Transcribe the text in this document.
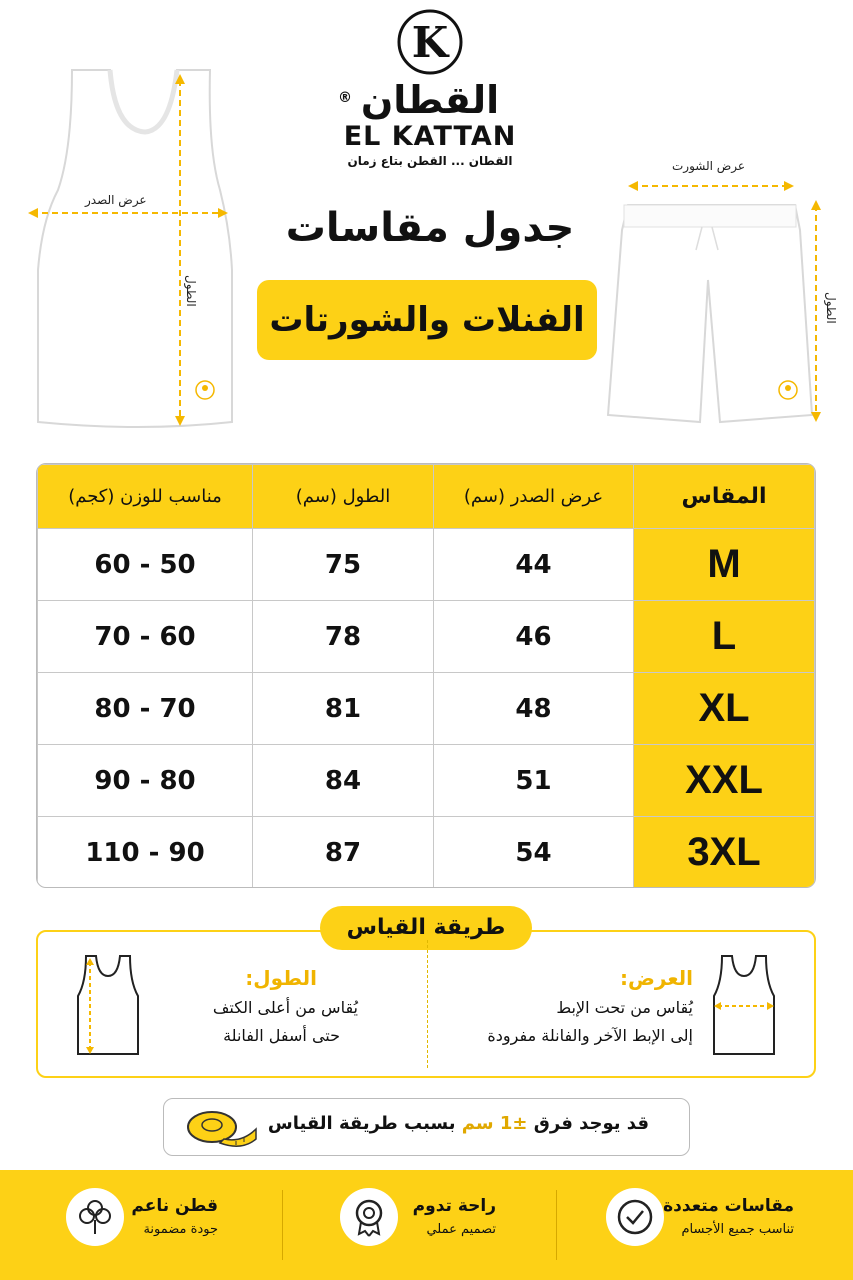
K
® القطان
EL KATTAN
القطان ... القطن بتاع زمان
جدول مقاسات
الفنلات والشورتات
عرض الصدر
الطول
عرض الشورت
الطول
المقاس	عرض الصدر (سم)	الطول (سم)	مناسب للوزن (كجم)
M	44	75	50 - 60
L	46	78	60 - 70
XL	48	81	70 - 80
XXL	51	84	80 - 90
3XL	54	87	90 - 110
طريقة القياس
العرض:
يُقاس من تحت الإبط
إلى الإبط الآخر والفانلة مفرودة
الطول:
يُقاس من أعلى الكتف
حتى أسفل الفانلة
قد يوجد فرق ±1 سم بسبب طريقة القياس
مقاسات متعددة
تناسب جميع الأجسام
راحة تدوم
تصميم عملي
قطن ناعم
جودة مضمونة
